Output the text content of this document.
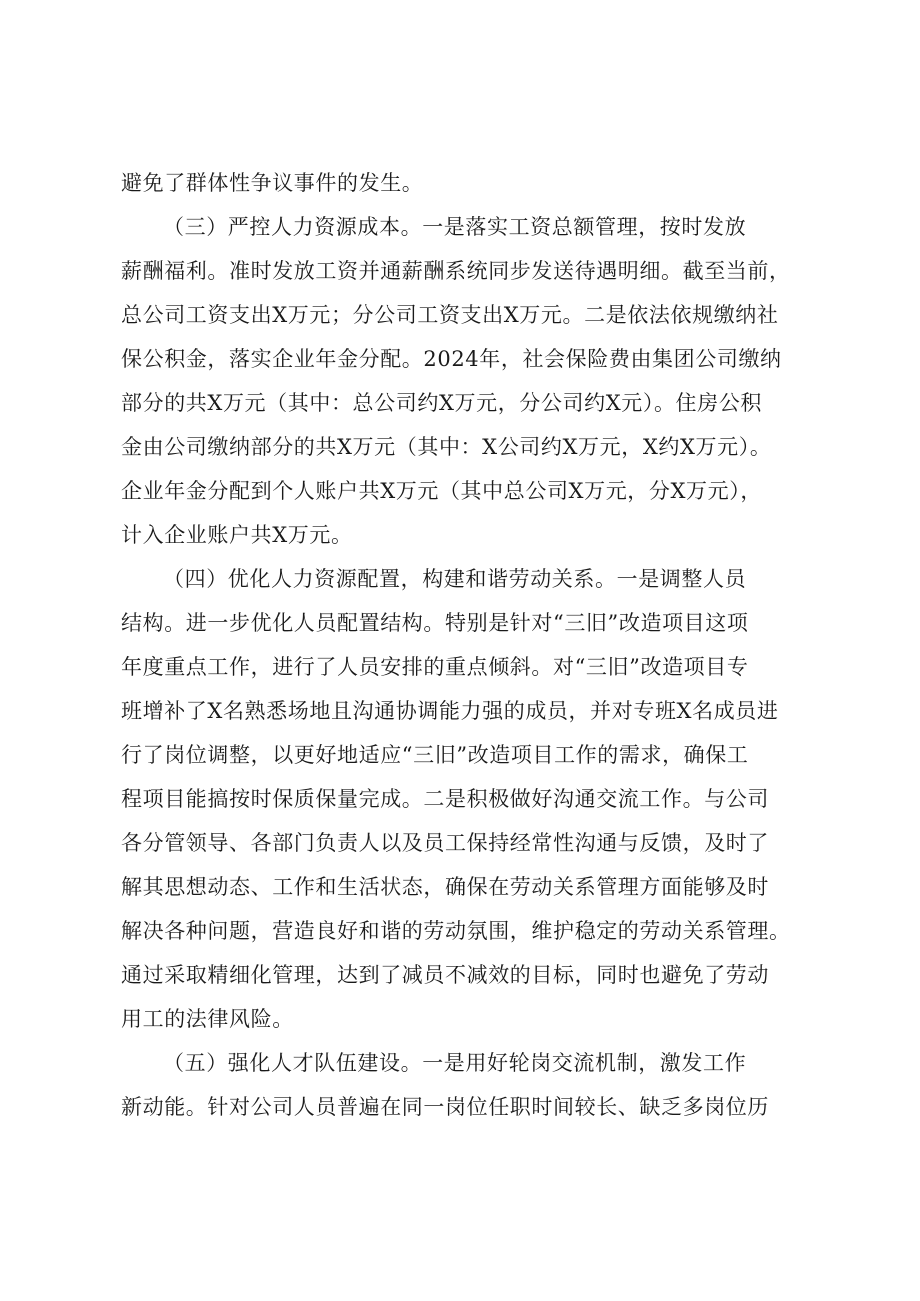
避免了群体性争议事件的发生。
（三）严控人力资源成本。一是落实工资总额管理，按时发放
薪酬福利。准时发放工资并通薪酬系统同步发送待遇明细。截至当前，
总公司工资支出X万元；分公司工资支出X万元。二是依法依规缴纳社
保公积金，落实企业年金分配。2024年，社会保险费由集团公司缴纳
部分的共X万元（其中：总公司约X万元，分公司约X元）。住房公积
金由公司缴纳部分的共X万元（其中：X公司约X万元，X约X万元）。
企业年金分配到个人账户共X万元（其中总公司X万元，分X万元），
计入企业账户共X万元。
（四）优化人力资源配置，构建和谐劳动关系。一是调整人员
结构。进一步优化人员配置结构。特别是针对“三旧”改造项目这项
年度重点工作，进行了人员安排的重点倾斜。对“三旧”改造项目专
班增补了X名熟悉场地且沟通协调能力强的成员，并对专班X名成员进
行了岗位调整，以更好地适应“三旧”改造项目工作的需求，确保工
程项目能搞按时保质保量完成。二是积极做好沟通交流工作。与公司
各分管领导、各部门负责人以及员工保持经常性沟通与反馈，及时了
解其思想动态、工作和生活状态，确保在劳动关系管理方面能够及时
解决各种问题，营造良好和谐的劳动氛围，维护稳定的劳动关系管理。
通过采取精细化管理，达到了减员不减效的目标，同时也避免了劳动
用工的法律风险。
（五）强化人才队伍建设。一是用好轮岗交流机制，激发工作
新动能。针对公司人员普遍在同一岗位任职时间较长、缺乏多岗位历
